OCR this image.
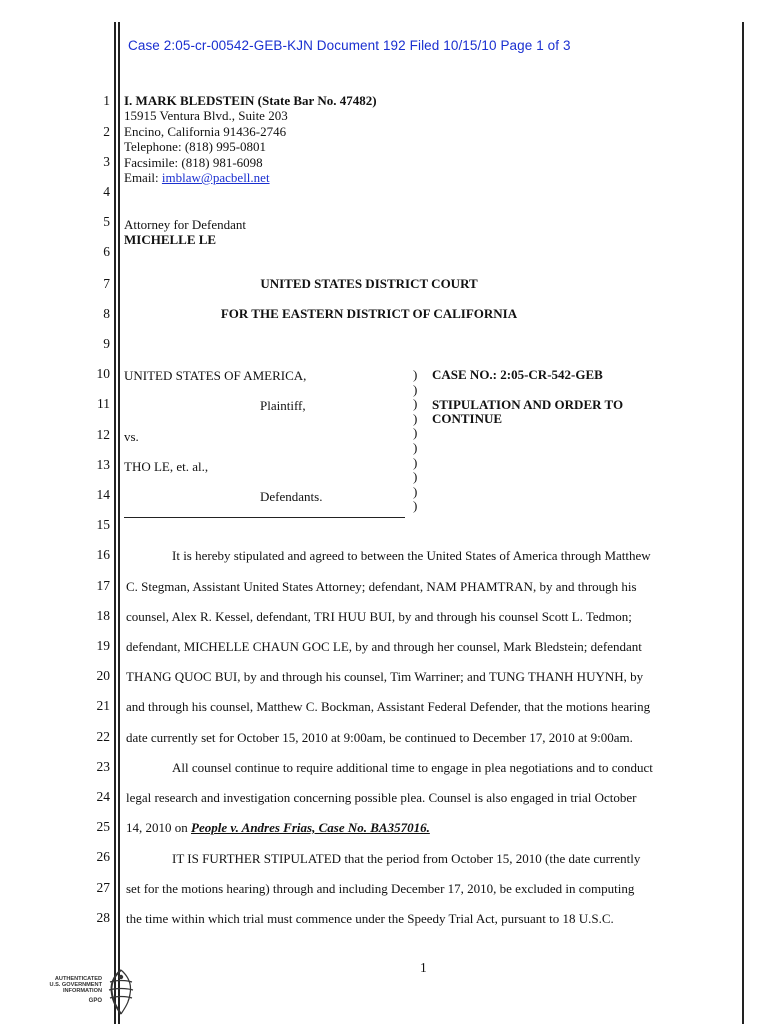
Case 2:05-cr-00542-GEB-KJN Document 192 Filed 10/15/10 Page 1 of 3
1
2
3
4
5
6
7
8
9
10
11
12
13
14
15
16
17
18
19
20
21
22
23
24
25
26
27
28
I. MARK BLEDSTEIN (State Bar No. 47482)
15915 Ventura Blvd., Suite 203
Encino, California 91436-2746
Telephone: (818) 995-0801
Facsimile: (818) 981-6098
Email: imblaw@pacbell.net
Attorney for Defendant
MICHELLE LE
UNITED STATES DISTRICT COURT
FOR THE EASTERN DISTRICT OF CALIFORNIA
UNITED STATES OF AMERICA,
Plaintiff,
vs.
THO LE, et. al.,
Defendants.
)
)
)
)
)
)
)
)
)
)
CASE NO.: 2:05-CR-542-GEB
STIPULATION AND ORDER TO
CONTINUE
It is hereby stipulated and agreed to between the United States of America through Matthew
C. Stegman, Assistant United States Attorney; defendant, NAM PHAMTRAN, by and through his
counsel, Alex R. Kessel, defendant, TRI HUU BUI, by and through his counsel Scott L. Tedmon;
defendant, MICHELLE CHAUN GOC LE, by and through her counsel, Mark Bledstein; defendant
THANG QUOC BUI, by and through his counsel, Tim Warriner; and TUNG THANH HUYNH, by
and through his counsel, Matthew C. Bockman, Assistant Federal Defender, that the motions hearing
date currently set for October 15, 2010 at 9:00am, be continued to December 17, 2010 at 9:00am.
All counsel continue to require additional time to engage in plea negotiations and to conduct
legal research and investigation concerning possible plea. Counsel is also engaged in trial October
14, 2010 on People v. Andres Frias, Case No. BA357016.
IT IS FURTHER STIPULATED that the period from October 15, 2010 (the date currently
set for the motions hearing) through and including December 17, 2010, be excluded in computing
the time within which trial must commence under the Speedy Trial Act, pursuant to 18 U.S.C.
1
AUTHENTICATED
U.S. GOVERNMENT
INFORMATION
GPO
